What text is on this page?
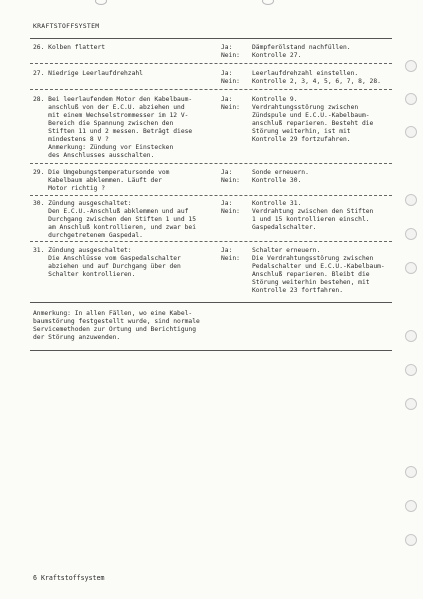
KRAFTSTOFFSYSTEM
26. Kolben flattert	Ja:	Dämpferölstand nachfüllen.
Nein: Kontrolle 27.
27. Niedrige Leerlaufdrehzahl	Ja:	Leerlaufdrehzahl einstellen.
Nein: Kontrolle 2, 3, 4, 5, 6, 7, 8, 28.
28. Bei leerlaufendem Motor den Kabelbaum-
anschluß von der E.C.U. abziehen und
mit einem Wechselstrommesser im 12 V-
Bereich die Spannung zwischen den
Stiften 11 und 2 messen. Beträgt diese
mindestens 8 V ?
Anmerkung: Zündung vor Einstecken
des Anschlusses ausschalten.
Ja:	Kontrolle 9.
Nein: Verdrahtungsstörung zwischen
Zündspule und E.C.U.-Kabelbaum-
anschluß reparieren. Besteht die
Störung weiterhin, ist mit
Kontrolle 29 fortzufahren.
29. Die Umgebungstemperatursonde vom
Kabelbaum abklemmen. Läuft der
Motor richtig ?
Ja:	Sonde erneuern.
Nein: Kontrolle 30.
30. Zündung ausgeschaltet:
Den E.C.U.-Anschluß abklemmen und auf
Durchgang zwischen den Stiften 1 und 15
am Anschluß kontrollieren, und zwar bei
durchgetretenem Gaspedal.
Ja:	Kontrolle 31.
Nein: Verdrahtung zwischen den Stiften
1 und 15 kontrollieren einschl.
Gaspedalschalter.
31. Zündung ausgeschaltet:
Die Anschlüsse vom Gaspedalschalter
abziehen und auf Durchgang über den
Schalter kontrollieren.
Ja:	Schalter erneuern.
Nein: Die Verdrahtungsstörung zwischen
Pedalschalter und E.C.U.-Kabelbaum-
Anschluß reparieren. Bleibt die
Störung weiterhin bestehen, mit
Kontrolle 23 fortfahren.
Anmerkung: In allen Fällen, wo eine Kabel-
baumstörung festgestellt wurde, sind normale
Servicemethoden zur Ortung und Berichtigung
der Störung anzuwenden.
6 Kraftstoffsystem
